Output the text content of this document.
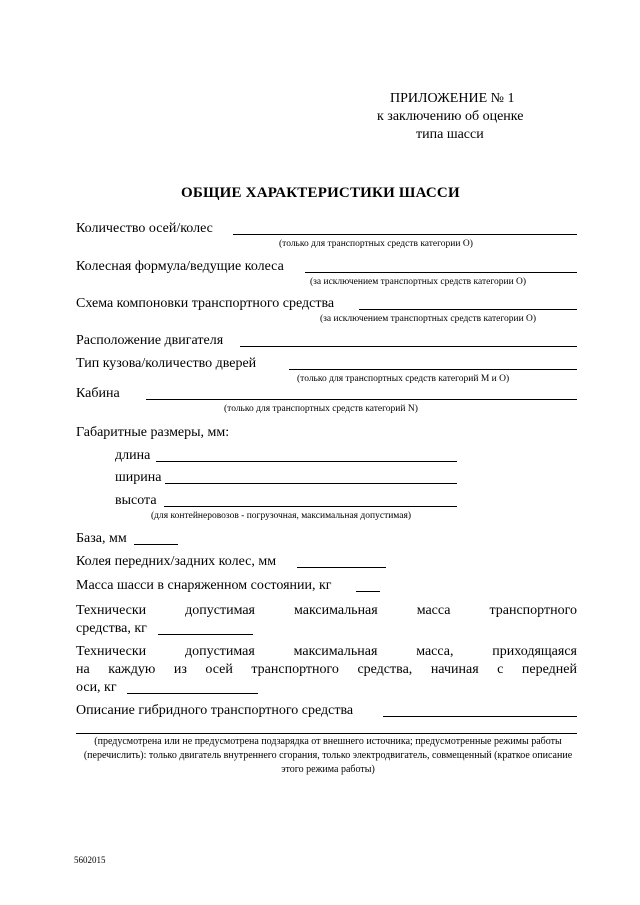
ПРИЛОЖЕНИЕ № 1
к заключению об оценке
типа шасси
ОБЩИЕ ХАРАКТЕРИСТИКИ ШАССИ
Количество осей/колес
(только для транспортных средств категории O)
Колесная формула/ведущие колеса
(за исключением транспортных средств категории O)
Схема компоновки транспортного средства
(за исключением транспортных средств категории O)
Расположение двигателя
Тип кузова/количество дверей
(только для транспортных средств категорий M и O)
Кабина
(только для транспортных средств категорий N)
Габаритные размеры, мм:
длина
ширина
высота
(для контейнеровозов - погрузочная, максимальная допустимая)
База, мм
Колея передних/задних колес, мм
Масса шасси в снаряженном состоянии, кг
Технически допустимая максимальная масса транспортного
средства, кг
Технически допустимая максимальная масса, приходящаяся
на каждую из осей транспортного средства, начиная с передней
оси, кг
Описание гибридного транспортного средства
(предусмотрена или не предусмотрена подзарядка от внешнего источника; предусмотренные режимы работы (перечислить): только двигатель внутреннего сгорания, только электродвигатель, совмещенный (краткое описание этого режима работы)
5602015
